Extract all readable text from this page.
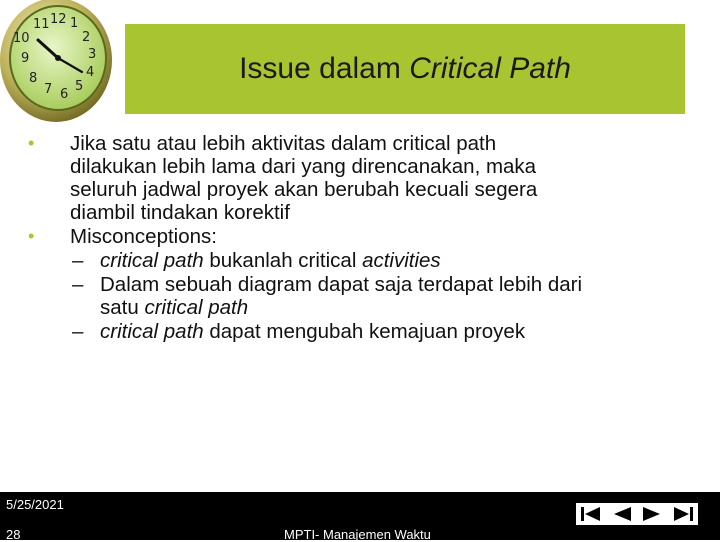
12 1
2
3
4
5
6
7
8
9
10
11
Issue dalam Critical Path
• Jika satu atau lebih aktivitas dalam critical path
dilakukan lebih lama dari yang direncanakan, maka
seluruh jadwal proyek akan berubah kecuali segera
diambil tindakan korektif
• Misconceptions:
– critical path bukanlah critical activities
– Dalam sebuah diagram dapat saja terdapat lebih dari
satu critical path
– critical path dapat mengubah kemajuan proyek
5/25/2021
28	MPTI- Manajemen Waktu
